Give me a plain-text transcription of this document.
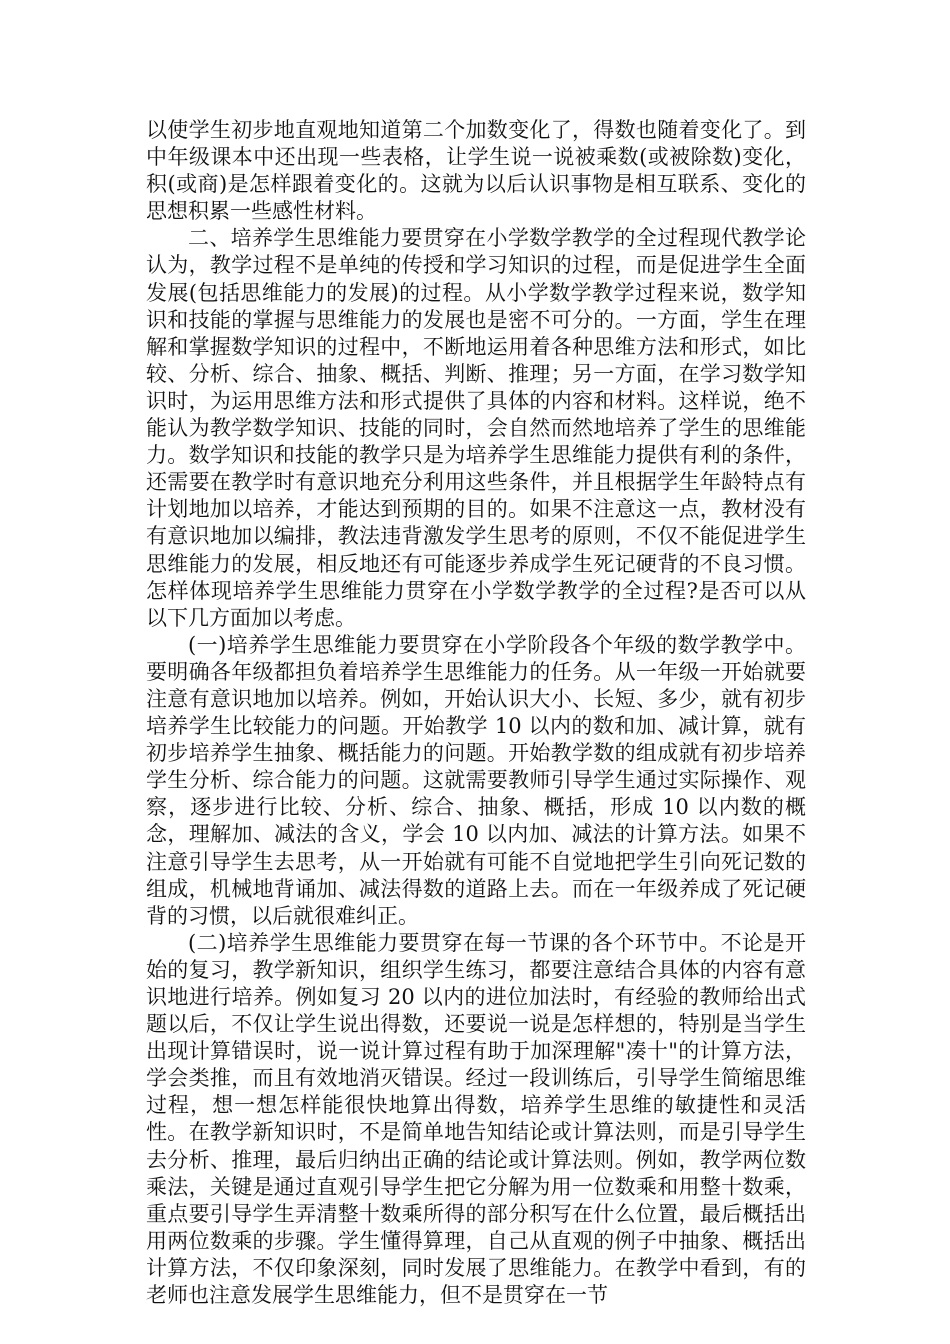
以使学生初步地直观地知道第二个加数变化了，得数也随着变化了。到中年级课本中还出现一些表格，让学生说一说被乘数(或被除数)变化，积(或商)是怎样跟着变化的。这就为以后认识事物是相互联系、变化的思想积累一些感性材料。

二、培养学生思维能力要贯穿在小学数学教学的全过程现代教学论认为，教学过程不是单纯的传授和学习知识的过程，而是促进学生全面发展(包括思维能力的发展)的过程。从小学数学教学过程来说，数学知识和技能的掌握与思维能力的发展也是密不可分的。一方面，学生在理解和掌握数学知识的过程中，不断地运用着各种思维方法和形式，如比较、分析、综合、抽象、概括、判断、推理；另一方面，在学习数学知识时，为运用思维方法和形式提供了具体的内容和材料。这样说，绝不能认为教学数学知识、技能的同时，会自然而然地培养了学生的思维能力。数学知识和技能的教学只是为培养学生思维能力提供有利的条件，还需要在教学时有意识地充分利用这些条件，并且根据学生年龄特点有计划地加以培养，才能达到预期的目的。如果不注意这一点，教材没有有意识地加以编排，教法违背激发学生思考的原则，不仅不能促进学生思维能力的发展，相反地还有可能逐步养成学生死记硬背的不良习惯。怎样体现培养学生思维能力贯穿在小学数学教学的全过程?是否可以从以下几方面加以考虑。

(一)培养学生思维能力要贯穿在小学阶段各个年级的数学教学中。要明确各年级都担负着培养学生思维能力的任务。从一年级一开始就要注意有意识地加以培养。例如，开始认识大小、长短、多少，就有初步培养学生比较能力的问题。开始教学 10 以内的数和加、减计算，就有初步培养学生抽象、概括能力的问题。开始教学数的组成就有初步培养学生分析、综合能力的问题。这就需要教师引导学生通过实际操作、观察，逐步进行比较、分析、综合、抽象、概括，形成 10 以内数的概念，理解加、减法的含义，学会 10 以内加、减法的计算方法。如果不注意引导学生去思考，从一开始就有可能不自觉地把学生引向死记数的组成，机械地背诵加、减法得数的道路上去。而在一年级养成了死记硬背的习惯，以后就很难纠正。

(二)培养学生思维能力要贯穿在每一节课的各个环节中。不论是开始的复习，教学新知识，组织学生练习，都要注意结合具体的内容有意识地进行培养。例如复习 20 以内的进位加法时，有经验的教师给出式题以后，不仅让学生说出得数，还要说一说是怎样想的，特别是当学生出现计算错误时，说一说计算过程有助于加深理解"凑十"的计算方法，学会类推，而且有效地消灭错误。经过一段训练后，引导学生简缩思维过程，想一想怎样能很快地算出得数，培养学生思维的敏捷性和灵活性。在教学新知识时，不是简单地告知结论或计算法则，而是引导学生去分析、推理，最后归纳出正确的结论或计算法则。例如，教学两位数乘法，关键是通过直观引导学生把它分解为用一位数乘和用整十数乘，重点要引导学生弄清整十数乘所得的部分积写在什么位置，最后概括出用两位数乘的步骤。学生懂得算理，自己从直观的例子中抽象、概括出计算方法，不仅印象深刻，同时发展了思维能力。在教学中看到，有的老师也注意发展学生思维能力，但不是贯穿在一节
